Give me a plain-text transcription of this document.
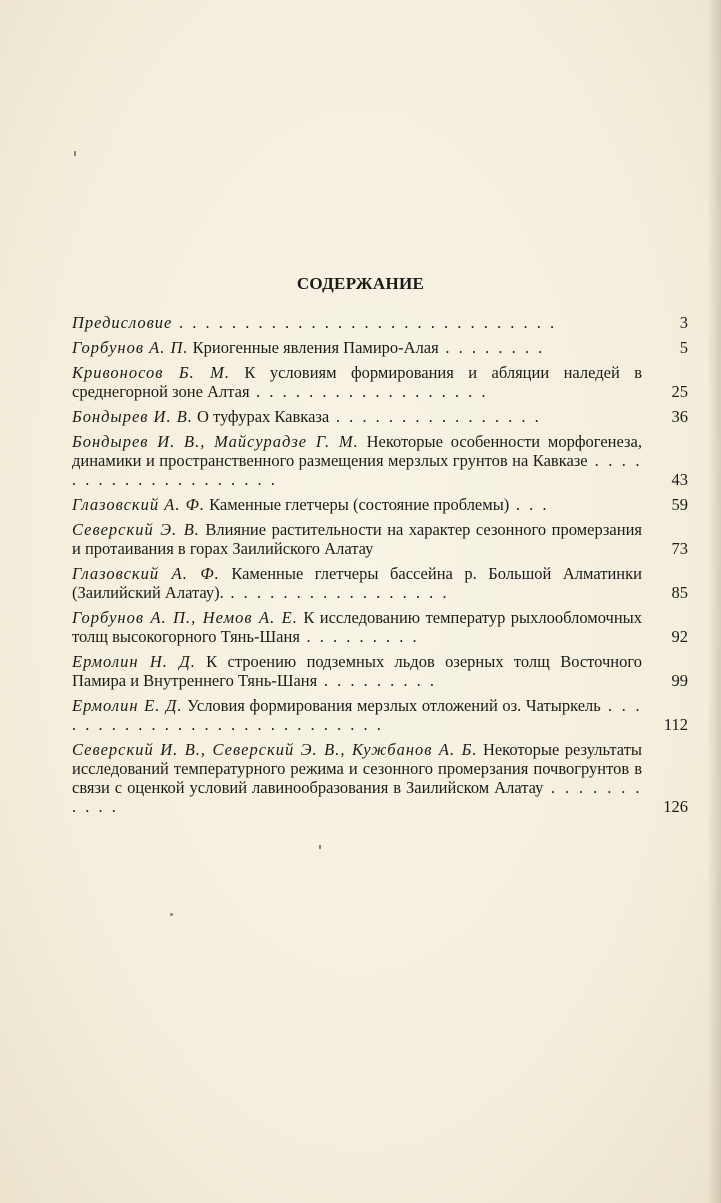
СОДЕРЖАНИЕ
Предисловие . . . . . . . . . . . . . . . . . . . . . . . . . . . . .	3
Горбунов А. П. Криогенные явления Памиро-Алая . . . . . . . .	5
Кривоносов Б. М. К условиям формирования и абляции наледей в среднегорной зоне Алтая . . . . . . . . . . . . . . . . . .	25
Бондырев И. В. О туфурах Кавказа . . . . . . . . . . . . . . . .	36
Бондырев И. В., Майсурадзе Г. М. Некоторые особенности морфогенеза, динамики и пространственного размещения мерзлых грунтов на Кавказе . . . . . . . . . . . . . . . . . . . .	43
Глазовский А. Ф. Каменные глетчеры (состояние проблемы) . . .	59
Северский Э. В. Влияние растительности на характер сезонного промерзания и протаивания в горах Заилийского Алатау	73
Глазовский А. Ф. Каменные глетчеры бассейна р. Большой Алматинки (Заилийский Алатау). . . . . . . . . . . . . . . . . .	85
Горбунов А. П., Немов А. Е. К исследованию температур рыхлообломочных толщ высокогорного Тянь-Шаня . . . . . . . . .	92
Ермолин Н. Д. К строению подземных льдов озерных толщ Восточного Памира и Внутреннего Тянь-Шаня . . . . . . . . .	99
Ермолин Е. Д. Условия формирования мерзлых отложений оз. Чатыркель . . . . . . . . . . . . . . . . . . . . . . . . . . .	112
Северский И. В., Северский Э. В., Кужбанов А. Б. Некоторые результаты исследований температурного режима и сезонного промерзания почвогрунтов в связи с оценкой условий лавинообразования в Заилийском Алатау . . . . . . . . . . .	126
